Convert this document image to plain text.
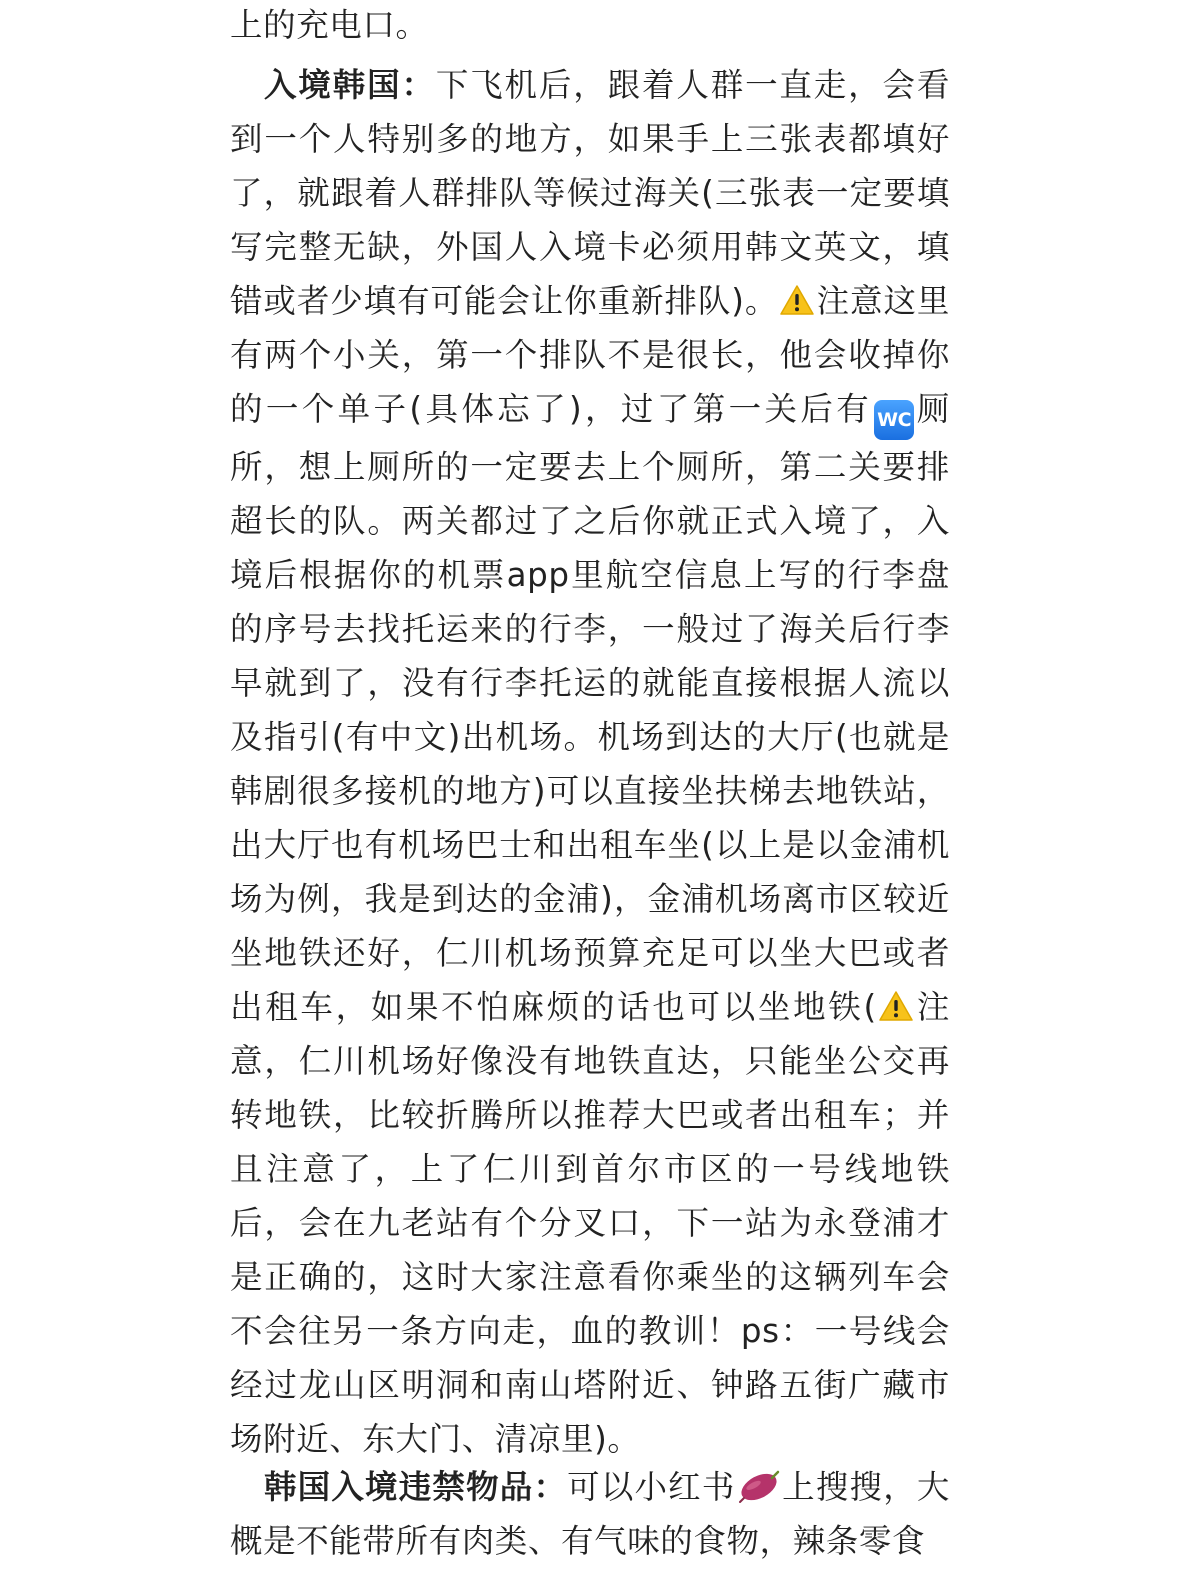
上的充电口。
入境韩国：下飞机后，跟着人群一直走，会看到一个人特别多的地方，如果手上三张表都填好了，就跟着人群排队等候过海关(三张表一定要填写完整无缺，外国人入境卡必须用韩文英文，填错或者少填有可能会让你重新排队)。 注意这里有两个小关，第一个排队不是很长，他会收掉你的一个单子(具体忘了)，过了第一关后有 WC厕所，想上厕所的一定要去上个厕所，第二关要排超长的队。两关都过了之后你就正式入境了，入境后根据你的机票app里航空信息上写的行李盘的序号去找托运来的行李，一般过了海关后行李早就到了，没有行李托运的就能直接根据人流以及指引(有中文)出机场。机场到达的大厅(也就是韩剧很多接机的地方)可以直接坐扶梯去地铁站，出大厅也有机场巴士和出租车坐(以上是以金浦机场为例，我是到达的金浦)，金浦机场离市区较近坐地铁还好，仁川机场预算充足可以坐大巴或者出租车，如果不怕麻烦的话也可以坐地铁( 注意，仁川机场好像没有地铁直达，只能坐公交再转地铁，比较折腾所以推荐大巴或者出租车；并且注意了，上了仁川到首尔市区的一号线地铁后，会在九老站有个分叉口，下一站为永登浦才是正确的，这时大家注意看你乘坐的这辆列车会不会往另一条方向走，血的教训！ps：一号线会经过龙山区明洞和南山塔附近、钟路五街广藏市场附近、东大门、清凉里)。
韩国入境违禁物品：可以小红书 上搜搜，大概是不能带所有肉类、有气味的食物，辣条零食
